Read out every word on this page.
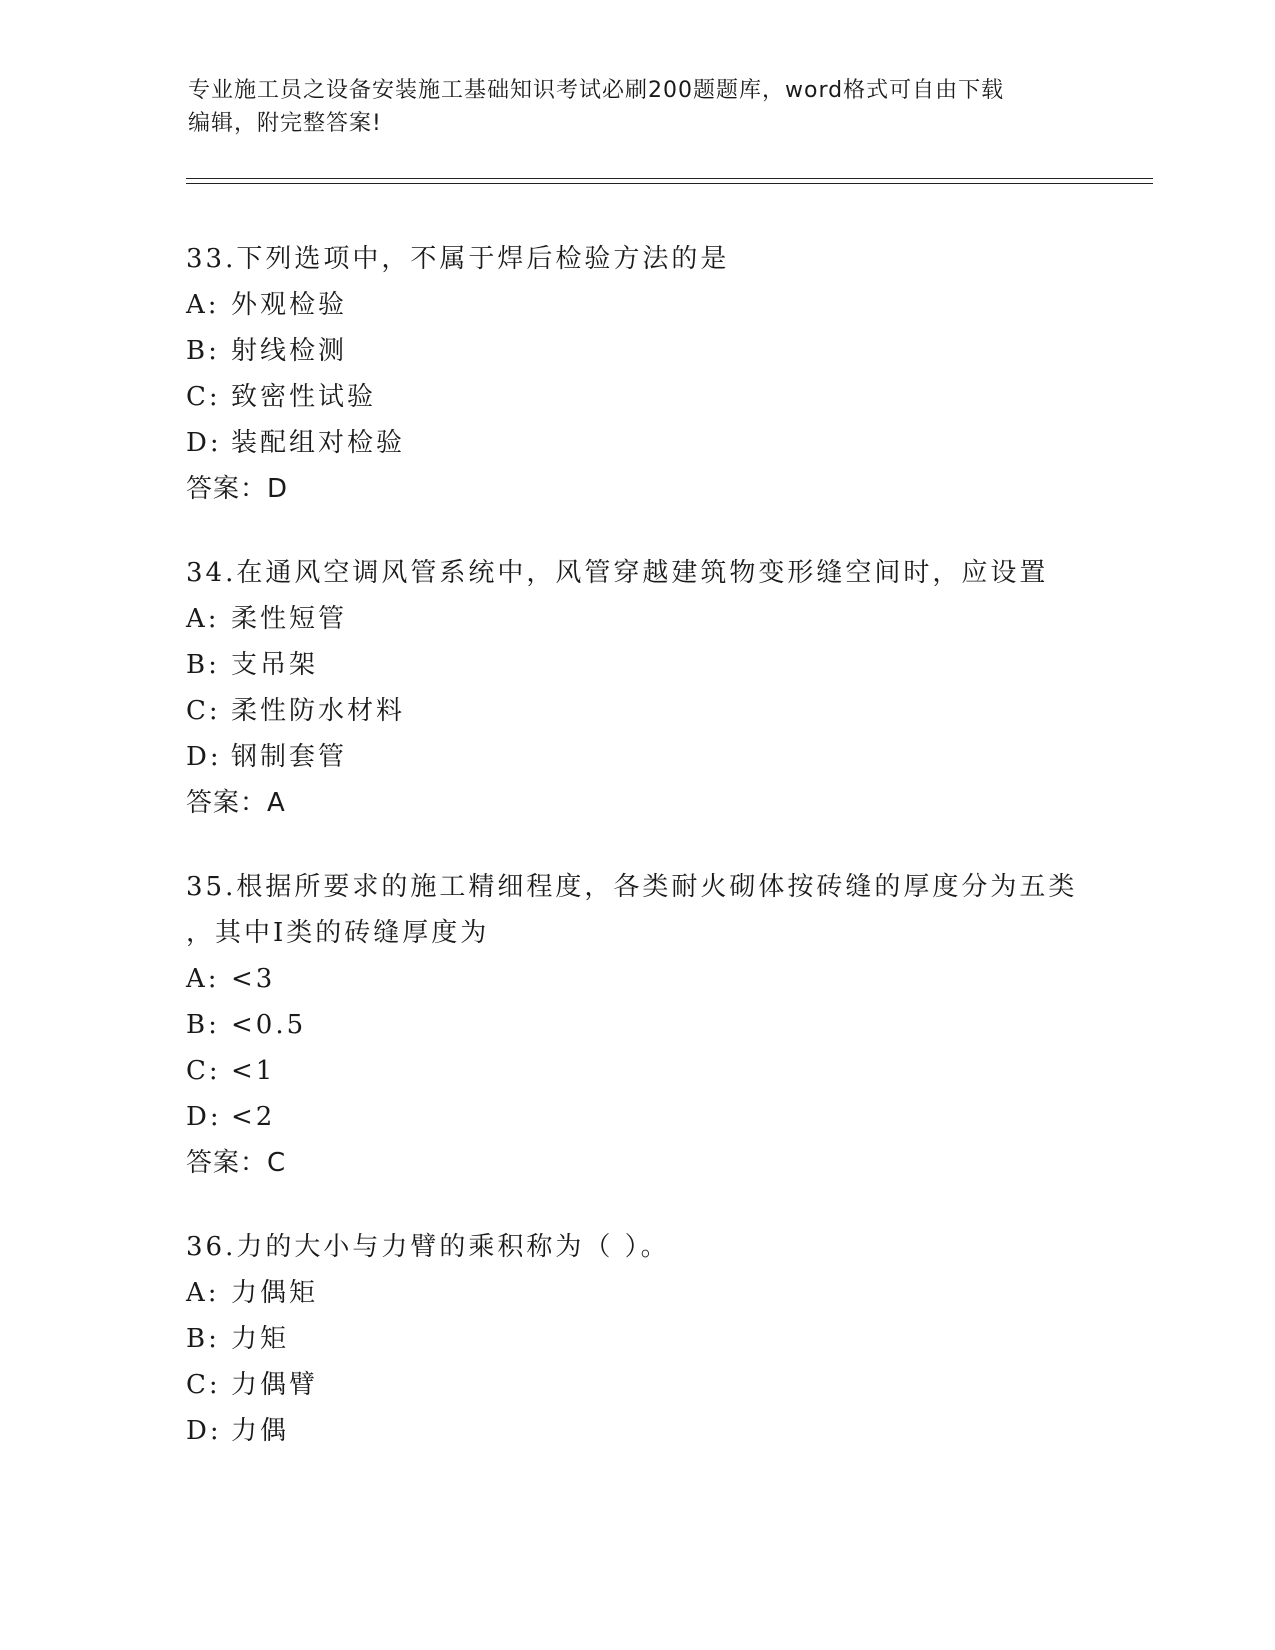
专业施工员之设备安装施工基础知识考试必刷200题题库，word格式可自由下载
编辑，附完整答案!
33.下列选项中，不属于焊后检验方法的是
A: 外观检验
B: 射线检测
C: 致密性试验
D: 装配组对检验
答案：D
34.在通风空调风管系统中，风管穿越建筑物变形缝空间时，应设置
A: 柔性短管
B: 支吊架
C: 柔性防水材料
D: 钢制套管
答案：A
35.根据所要求的施工精细程度，各类耐火砌体按砖缝的厚度分为五类
，其中Ⅰ类的砖缝厚度为
A: <3
B: <0.5
C: <1
D: <2
答案：C
36.力的大小与力臂的乘积称为（ ）。
A: 力偶矩
B: 力矩
C: 力偶臂
D: 力偶
